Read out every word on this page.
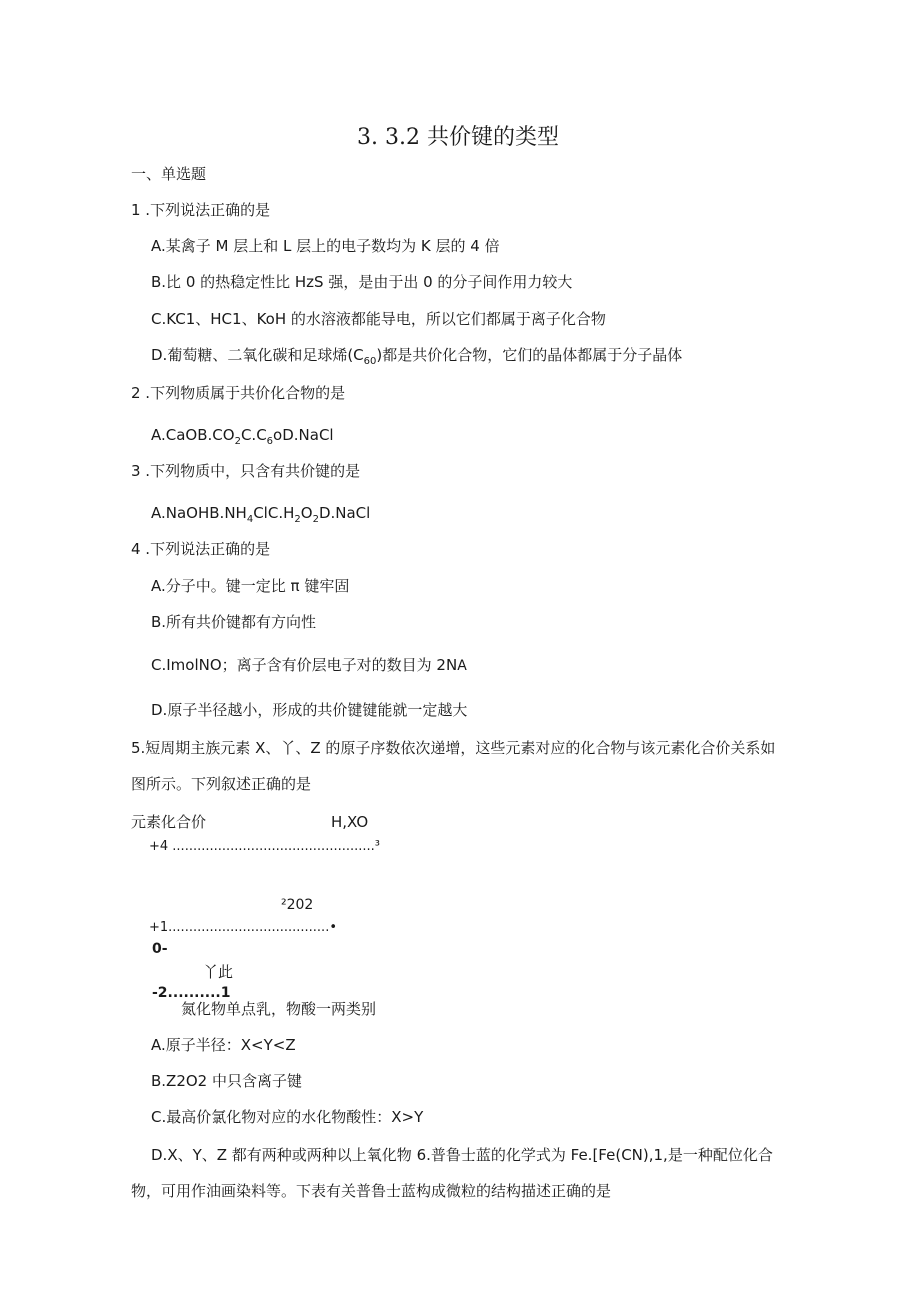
3. 3.2 共价键的类型
一、单选题
1 .下列说法正确的是
A.某禽子 M 层上和 L 层上的电子数均为 K 层的 4 倍
B.比 0 的热稳定性比 HzS 强，是由于出 0 的分子间作用力较大
C.KC1、HC1、KoH 的水溶液都能导电，所以它们都属于离子化合物
D.葡萄糖、二氧化碳和足球烯$(C_{60})$都是共价化合物，它们的晶体都属于分子晶体
2 .下列物质属于共价化合物的是
$A.CaOB.CO_2C.C_6oD.NaCl$
3 .下列物质中，只含有共价键的是
$A.NaOHB.NH_4ClC.H_2O_2D.NaCl$
4 .下列说法正确的是
A.分子中。键一定比 π 键牢固
B.所有共价键都有方向性
C.ImolNO；离子含有价层电子对的数目为 2NA
D.原子半径越小，形成的共价键键能就一定越大
5.短周期主族元素 X、丫、Z 的原子序数依次递增，这些元素对应的化合物与该元素化合价关系如
图所示。下列叙述正确的是
元素化合价	H,XO
+4 .................................................³
²202
+1.......................................•
0-
丫此
-2..........1
氮化物单点乳，物酸一两类别
A.原子半径：X<Y<Z
B.Z2O2 中只含离子键
C.最高价氯化物对应的水化物酸性：X>Y
D.X、Y、Z 都有两种或两种以上氧化物 6.普鲁士蓝的化学式为 Fe.[Fe(CN),1,是一种配位化合
物，可用作油画染料等。下表有关普鲁士蓝构成微粒的结构描述正确的是
